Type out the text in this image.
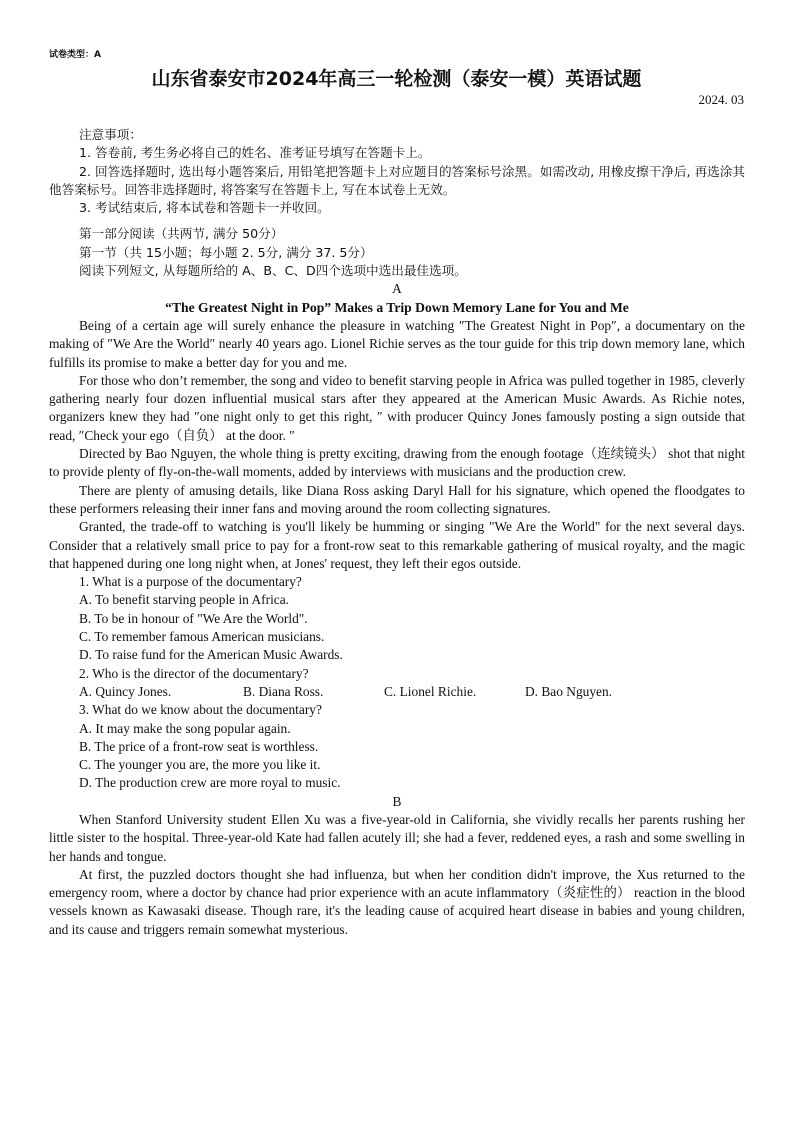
试卷类型：A
山东省泰安市2024年高三一轮检测（泰安一模）英语试题
2024. 03

注意事项：

1. 答卷前, 考生务必将自己的姓名、准考证号填写在答题卡上。

2. 回答选择题时, 选出每小题答案后, 用铅笔把答题卡上对应题目的答案标号涂黑。如需改动, 用橡皮擦干净后, 再选涂其他答案标号。回答非选择题时, 将答案写在答题卡上, 写在本试卷上无效。

3. 考试结束后, 将本试卷和答题卡一并收回。

第一部分阅读（共两节, 满分 50分）

第一节（共 15小题；每小题 2. 5分, 满分 37. 5分）

阅读下列短文, 从每题所给的 A、B、C、D四个选项中选出最佳选项。

A

“The Greatest Night in Pop” Makes a Trip Down Memory Lane for You and Me

Being of a certain age will surely enhance the pleasure in watching ″The Greatest Night in Pop″, a documentary on the making of ″We Are the World″ nearly 40 years ago. Lionel Richie serves as the tour guide for this trip down memory lane, which fulfills its promise to make a better day for you and me.

For those who don’t remember, the song and video to benefit starving people in Africa was pulled together in 1985, cleverly gathering nearly four dozen influential musical stars after they appeared at the American Music Awards. As Richie notes, organizers knew they had ″one night only to get this right, ″ with producer Quincy Jones famously posting a sign outside that read, ″Check your ego（自负） at the door. ″

Directed by Bao Nguyen, the whole thing is pretty exciting, drawing from the enough footage（连续镜头） shot that night to provide plenty of fly-on-the-wall moments, added by interviews with musicians and the production crew.

There are plenty of amusing details, like Diana Ross asking Daryl Hall for his signature, which opened the floodgates to these performers releasing their inner fans and moving around the room collecting signatures.

Granted, the trade-off to watching is you'll likely be humming or singing "We Are the World" for the next several days. Consider that a relatively small price to pay for a front-row seat to this remarkable gathering of musical royalty, and the magic that happened during one long night when, at Jones' request, they left their egos outside.

1. What is a purpose of the documentary?

A. To benefit starving people in Africa.

B. To be in honour of "We Are the World".

C. To remember famous American musicians.

D. To raise fund for the American Music Awards.

2. Who is the director of the documentary?

A. Quincy Jones.	B. Diana Ross.	C. Lionel Richie.	D. Bao Nguyen.

3. What do we know about the documentary?

A. It may make the song popular again.

B. The price of a front-row seat is worthless.

C. The younger you are, the more you like it.

D. The production crew are more royal to music.

B

When Stanford University student Ellen Xu was a five-year-old in California, she vividly recalls her parents rushing her little sister to the hospital. Three-year-old Kate had fallen acutely ill; she had a fever, reddened eyes, a rash and some swelling in her hands and tongue.

At first, the puzzled doctors thought she had influenza, but when her condition didn't improve, the Xus returned to the emergency room, where a doctor by chance had prior experience with an acute inflammatory（炎症性的） reaction in the blood vessels known as Kawasaki disease. Though rare, it's the leading cause of acquired heart disease in babies and young children, and its cause and triggers remain somewhat mysterious.
